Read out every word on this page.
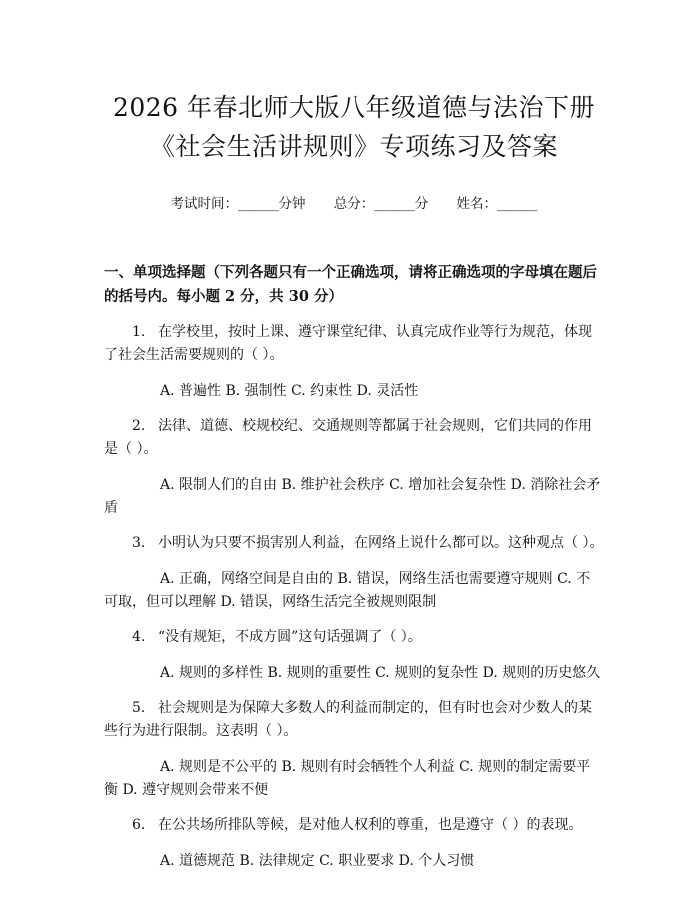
2026 年春北师大版八年级道德与法治下册
《社会生活讲规则》专项练习及答案
考试时间：______分钟 总分：______分 姓名：______
一、单项选择题（下列各题只有一个正确选项，请将正确选项的字母填在题后的括号内。每小题 2 分，共 30 分）
1. 在学校里，按时上课、遵守课堂纪律、认真完成作业等行为规范，体现了社会生活需要规则的（ ）。
A. 普遍性 B. 强制性 C. 约束性 D. 灵活性
2. 法律、道德、校规校纪、交通规则等都属于社会规则，它们共同的作用是（ ）。
A. 限制人们的自由 B. 维护社会秩序 C. 增加社会复杂性 D. 消除社会矛盾
3. 小明认为只要不损害别人利益，在网络上说什么都可以。这种观点（ ）。
A. 正确，网络空间是自由的 B. 错误，网络生活也需要遵守规则 C. 不可取，但可以理解 D. 错误，网络生活完全被规则限制
4. “没有规矩，不成方圆”这句话强调了（ ）。
A. 规则的多样性 B. 规则的重要性 C. 规则的复杂性 D. 规则的历史悠久
5. 社会规则是为保障大多数人的利益而制定的，但有时也会对少数人的某些行为进行限制。这表明（ ）。
A. 规则是不公平的 B. 规则有时会牺牲个人利益 C. 规则的制定需要平衡 D. 遵守规则会带来不便
6. 在公共场所排队等候，是对他人权利的尊重，也是遵守（ ）的表现。
A. 道德规范 B. 法律规定 C. 职业要求 D. 个人习惯
